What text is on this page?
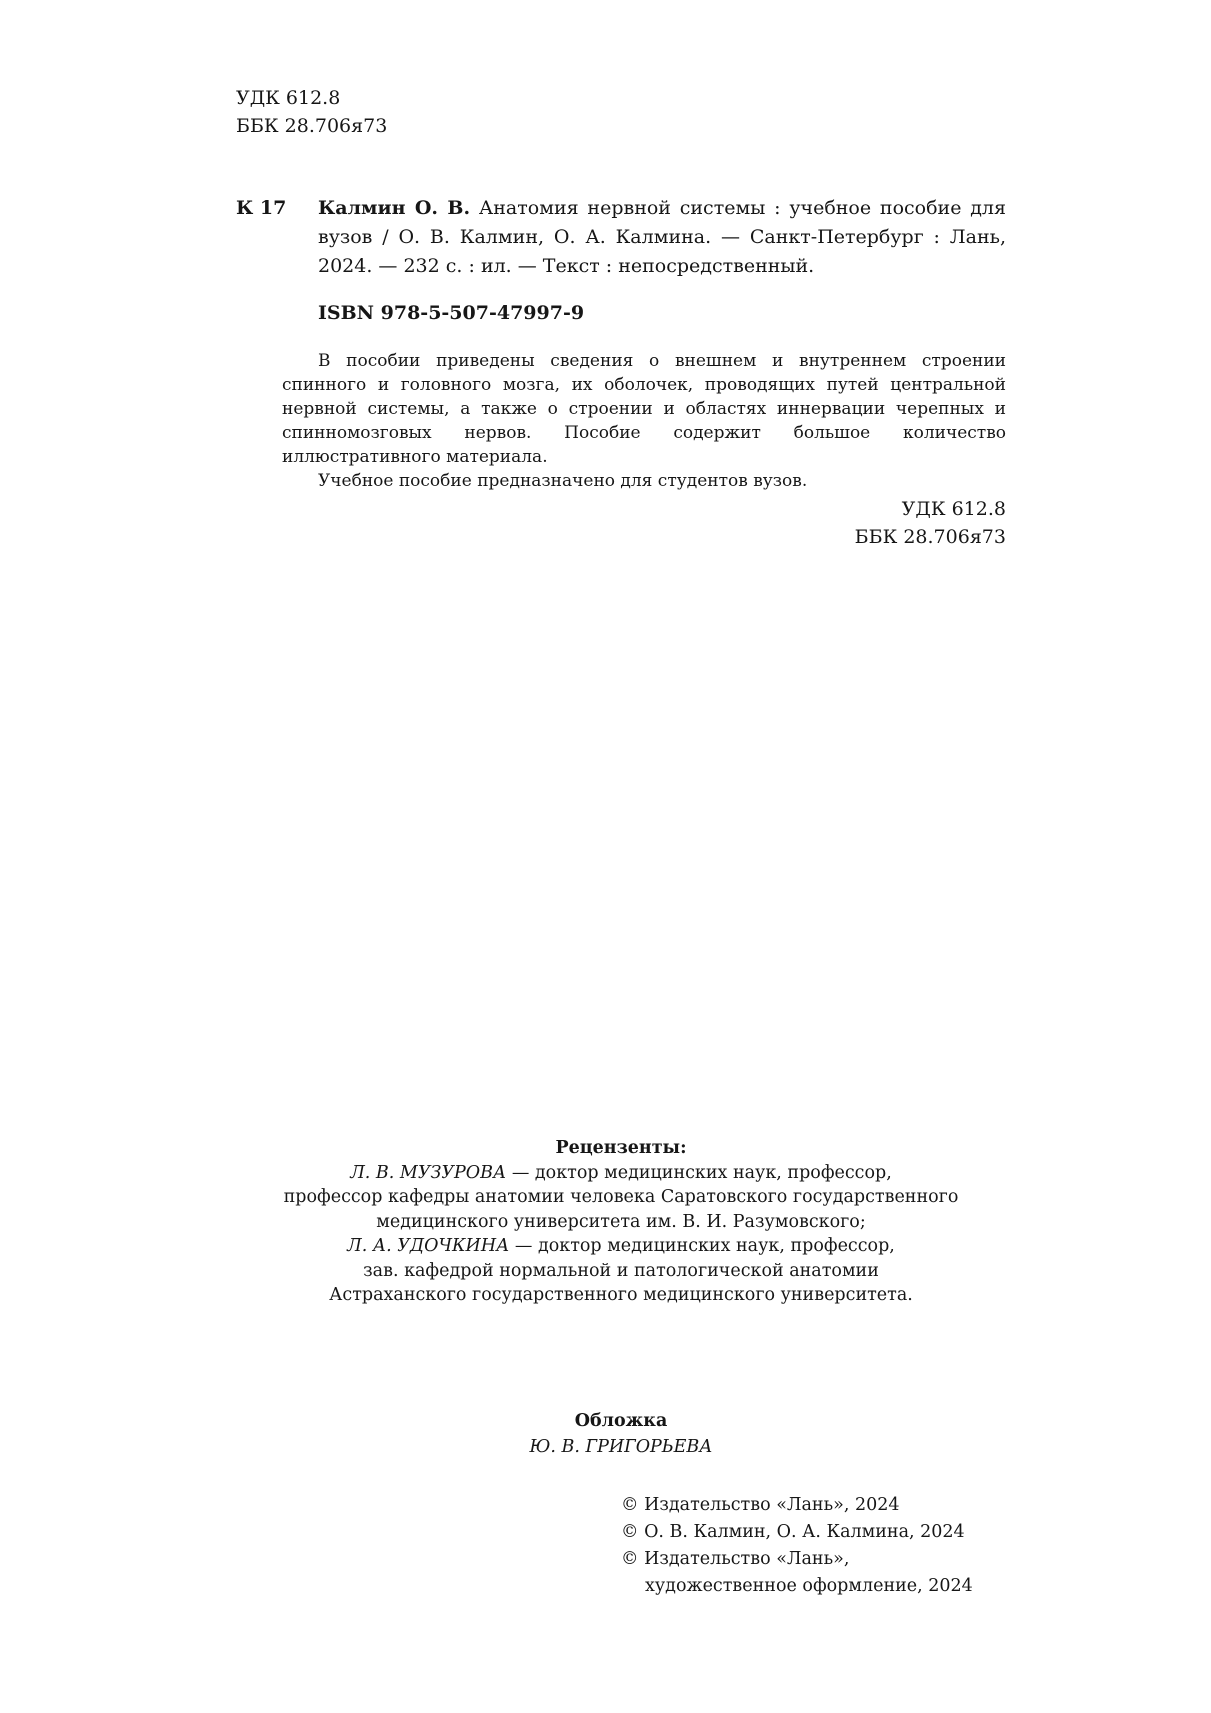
УДК 612.8
ББК 28.706я73
К 17 Калмин О. В. Анатомия нервной системы : учебное пособие для вузов / О. В. Калмин, О. А. Калмина. — Санкт-Петербург : Лань, 2024. — 232 с. : ил. — Текст : непосредственный.
ISBN 978-5-507-47997-9

В пособии приведены сведения о внешнем и внутреннем строении спинного и головного мозга, их оболочек, проводящих путей центральной нервной системы, а также о строении и областях иннервации черепных и спинномозговых нервов. Пособие содержит большое количество иллюстративного материала.

Учебное пособие предназначено для студентов вузов.

УДК 612.8
ББК 28.706я73
Рецензенты:
Л. В. МУЗУРОВА — доктор медицинских наук, профессор,
профессор кафедры анатомии человека Саратовского государственного
медицинского университета им. В. И. Разумовского;
Л. А. УДОЧКИНА — доктор медицинских наук, профессор,
зав. кафедрой нормальной и патологической анатомии
Астраханского государственного медицинского университета.
Обложка
Ю. В. ГРИГОРЬЕВА
© Издательство «Лань», 2024
© О. В. Калмин, О. А. Калмина, 2024
© Издательство «Лань»,
художественное оформление, 2024
